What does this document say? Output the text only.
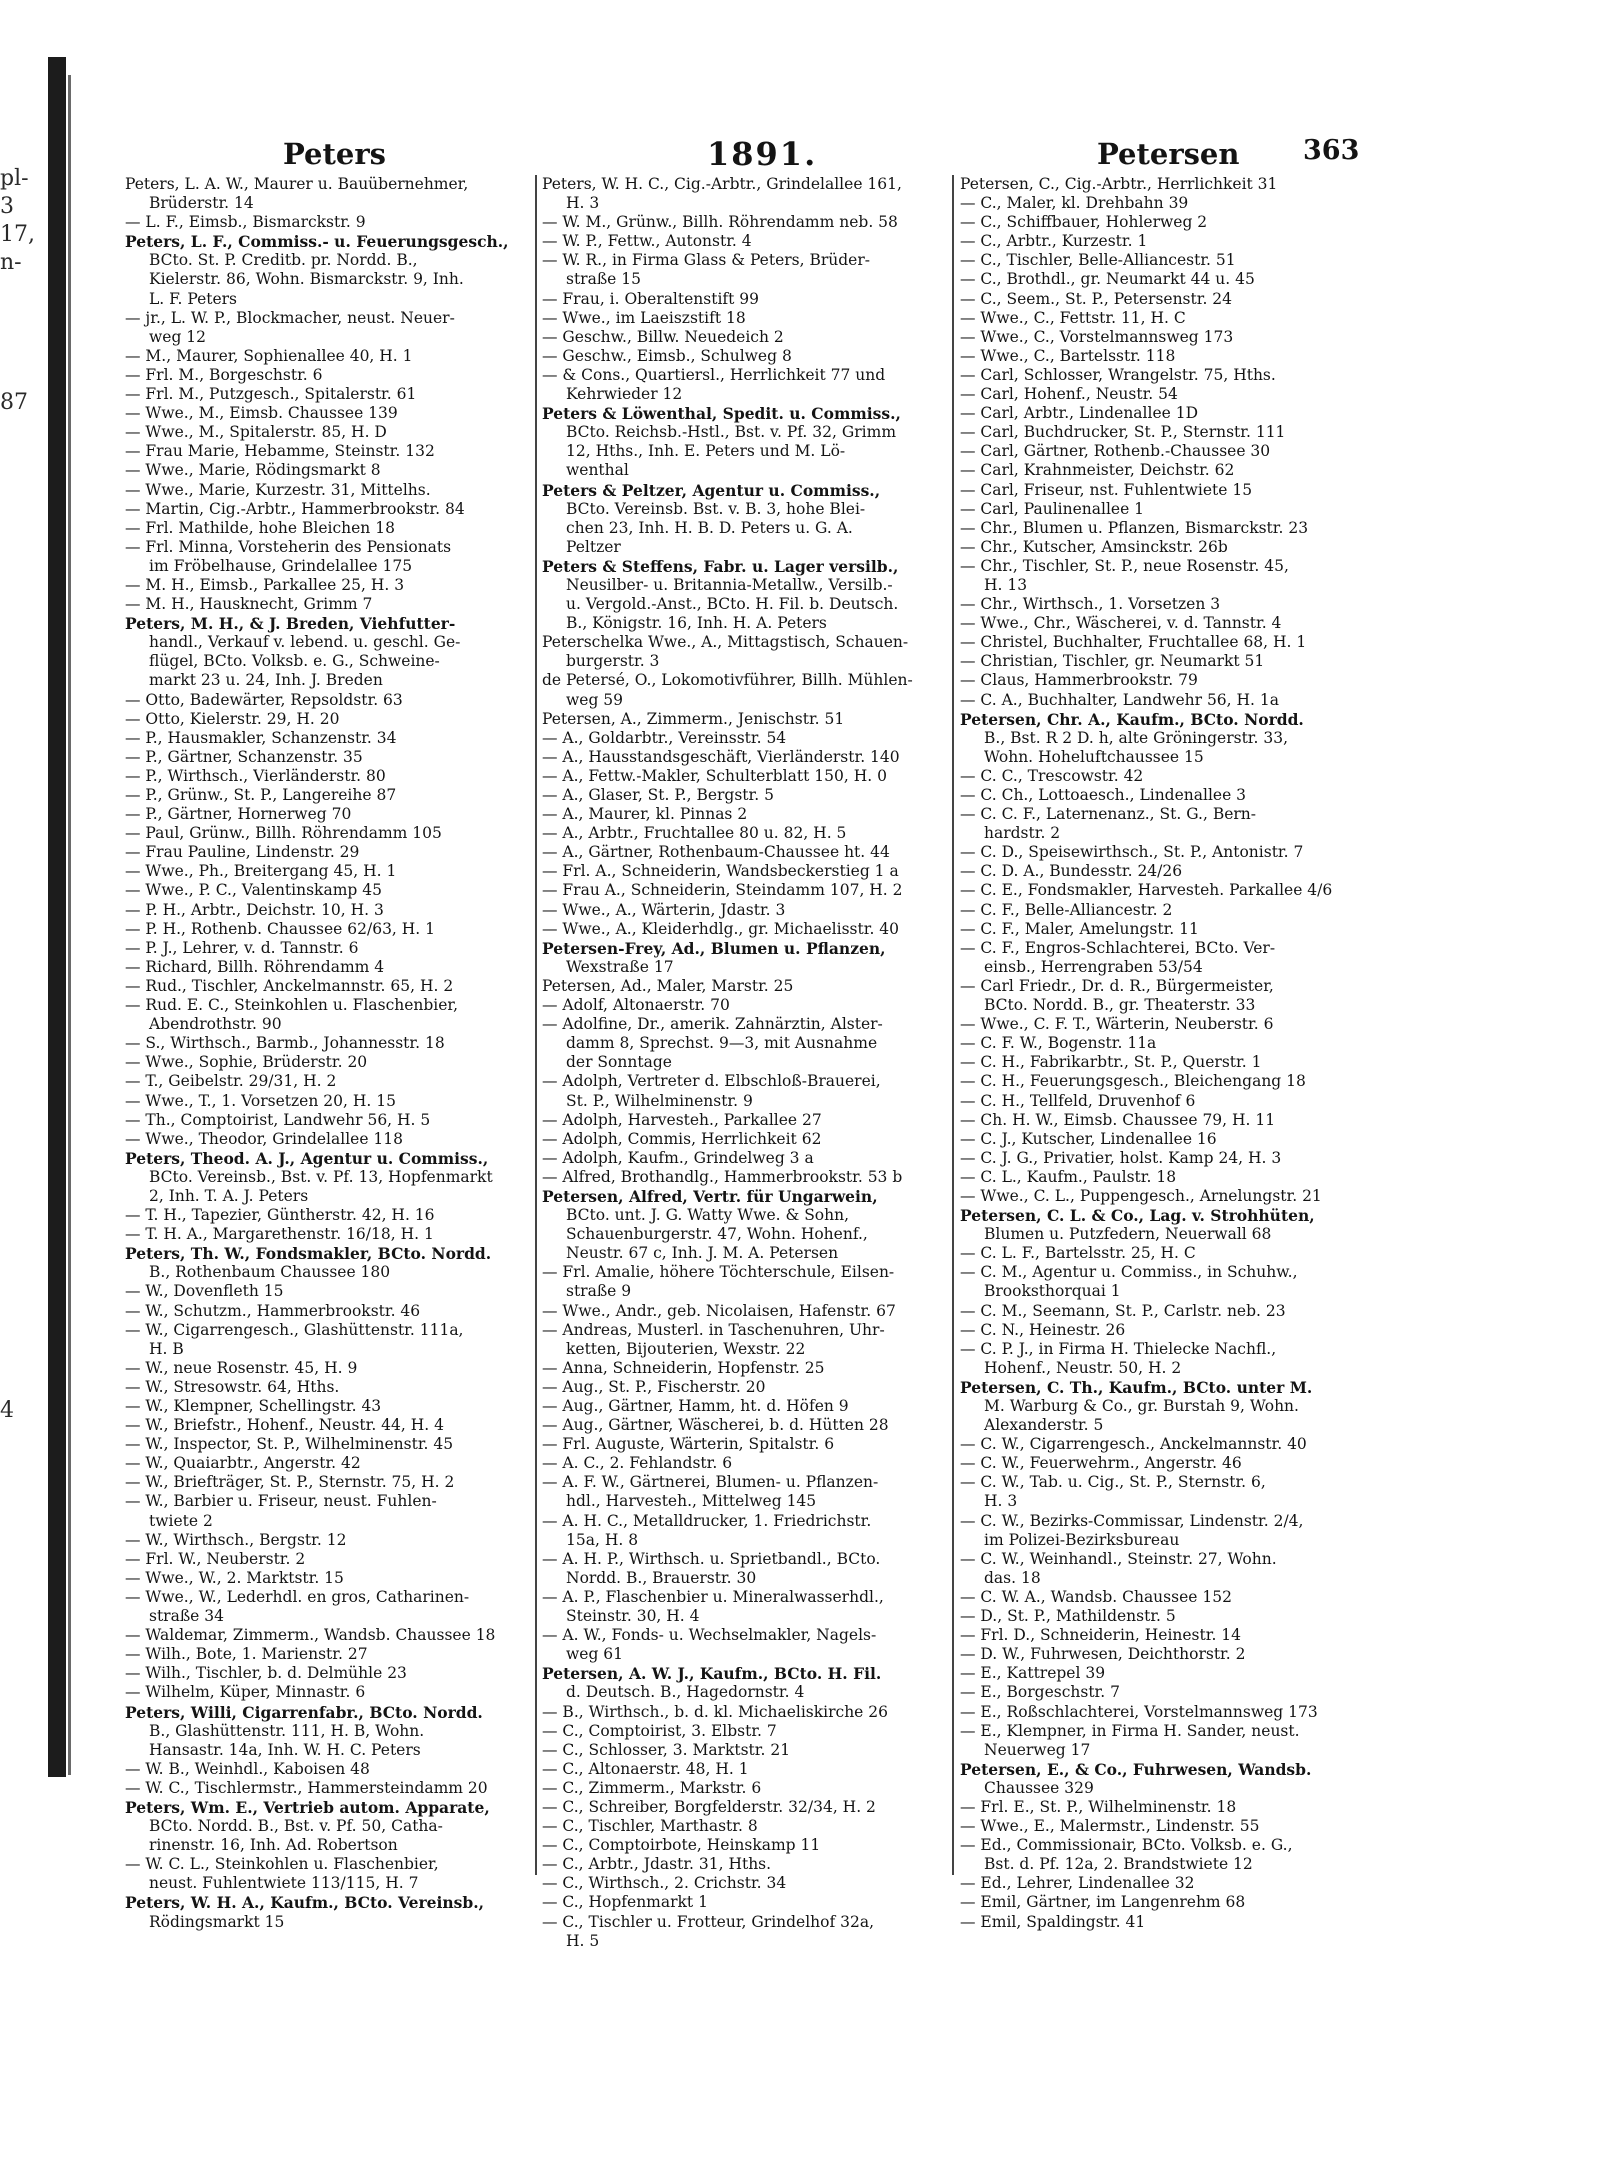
pl-
3
17,
n-
87
4
Peters	1891.	Petersen 363
Peters, L. A. W., Maurer u. Bauübernehmer,
Brüderstr. 14
— L. F., Eimsb., Bismarckstr. 9
Peters, L. F., Commiss.- u. Feuerungsgesch.,
BCto. St. P. Creditb. pr. Nordd. B.,
Kielerstr. 86, Wohn. Bismarckstr. 9, Inh.
L. F. Peters
— jr., L. W. P., Blockmacher, neust. Neuer-
weg 12
— M., Maurer, Sophienallee 40, H. 1
— Frl. M., Borgeschstr. 6
— Frl. M., Putzgesch., Spitalerstr. 61
— Wwe., M., Eimsb. Chaussee 139
— Wwe., M., Spitalerstr. 85, H. D
— Frau Marie, Hebamme, Steinstr. 132
— Wwe., Marie, Rödingsmarkt 8
— Wwe., Marie, Kurzestr. 31, Mittelhs.
— Martin, Cig.-Arbtr., Hammerbrookstr. 84
— Frl. Mathilde, hohe Bleichen 18
— Frl. Minna, Vorsteherin des Pensionats
im Fröbelhause, Grindelallee 175
— M. H., Eimsb., Parkallee 25, H. 3
— M. H., Hausknecht, Grimm 7
Peters, M. H., & J. Breden, Viehfutter-
handl., Verkauf v. lebend. u. geschl. Ge-
flügel, BCto. Volksb. e. G., Schweine-
markt 23 u. 24, Inh. J. Breden
— Otto, Badewärter, Repsoldstr. 63
— Otto, Kielerstr. 29, H. 20
— P., Hausmakler, Schanzenstr. 34
— P., Gärtner, Schanzenstr. 35
— P., Wirthsch., Vierländerstr. 80
— P., Grünw., St. P., Langereihe 87
— P., Gärtner, Hornerweg 70
— Paul, Grünw., Billh. Röhrendamm 105
— Frau Pauline, Lindenstr. 29
— Wwe., Ph., Breitergang 45, H. 1
— Wwe., P. C., Valentinskamp 45
— P. H., Arbtr., Deichstr. 10, H. 3
— P. H., Rothenb. Chaussee 62/63, H. 1
— P. J., Lehrer, v. d. Tannstr. 6
— Richard, Billh. Röhrendamm 4
— Rud., Tischler, Anckelmannstr. 65, H. 2
— Rud. E. C., Steinkohlen u. Flaschenbier,
Abendrothstr. 90
— S., Wirthsch., Barmb., Johannesstr. 18
— Wwe., Sophie, Brüderstr. 20
— T., Geibelstr. 29/31, H. 2
— Wwe., T., 1. Vorsetzen 20, H. 15
— Th., Comptoirist, Landwehr 56, H. 5
— Wwe., Theodor, Grindelallee 118
Peters, Theod. A. J., Agentur u. Commiss.,
BCto. Vereinsb., Bst. v. Pf. 13, Hopfenmarkt
2, Inh. T. A. J. Peters
— T. H., Tapezier, Güntherstr. 42, H. 16
— T. H. A., Margarethenstr. 16/18, H. 1
Peters, Th. W., Fondsmakler, BCto. Nordd.
B., Rothenbaum Chaussee 180
— W., Dovenfleth 15
— W., Schutzm., Hammerbrookstr. 46
— W., Cigarrengesch., Glashüttenstr. 111a,
H. B
— W., neue Rosenstr. 45, H. 9
— W., Stresowstr. 64, Hths.
— W., Klempner, Schellingstr. 43
— W., Briefstr., Hohenf., Neustr. 44, H. 4
— W., Inspector, St. P., Wilhelminenstr. 45
— W., Quaiarbtr., Angerstr. 42
— W., Briefträger, St. P., Sternstr. 75, H. 2
— W., Barbier u. Friseur, neust. Fuhlen-
twiete 2
— W., Wirthsch., Bergstr. 12
— Frl. W., Neuberstr. 2
— Wwe., W., 2. Marktstr. 15
— Wwe., W., Lederhdl. en gros, Catharinen-
straße 34
— Waldemar, Zimmerm., Wandsb. Chaussee 18
— Wilh., Bote, 1. Marienstr. 27
— Wilh., Tischler, b. d. Delmühle 23
— Wilhelm, Küper, Minnastr. 6
Peters, Willi, Cigarrenfabr., BCto. Nordd.
B., Glashüttenstr. 111, H. B, Wohn.
Hansastr. 14a, Inh. W. H. C. Peters
— W. B., Weinhdl., Kaboisen 48
— W. C., Tischlermstr., Hammersteindamm 20
Peters, Wm. E., Vertrieb autom. Apparate,
BCto. Nordd. B., Bst. v. Pf. 50, Catha-
rinenstr. 16, Inh. Ad. Robertson
— W. C. L., Steinkohlen u. Flaschenbier,
neust. Fuhlentwiete 113/115, H. 7
Peters, W. H. A., Kaufm., BCto. Vereinsb.,
Rödingsmarkt 15
Peters, W. H. C., Cig.-Arbtr., Grindelallee 161,
H. 3
— W. M., Grünw., Billh. Röhrendamm neb. 58
— W. P., Fettw., Autonstr. 4
— W. R., in Firma Glass & Peters, Brüder-
straße 15
— Frau, i. Oberaltenstift 99
— Wwe., im Laeiszstift 18
— Geschw., Billw. Neuedeich 2
— Geschw., Eimsb., Schulweg 8
— & Cons., Quartiersl., Herrlichkeit 77 und
Kehrwieder 12
Peters & Löwenthal, Spedit. u. Commiss.,
BCto. Reichsb.-Hstl., Bst. v. Pf. 32, Grimm
12, Hths., Inh. E. Peters und M. Lö-
wenthal
Peters & Peltzer, Agentur u. Commiss.,
BCto. Vereinsb. Bst. v. B. 3, hohe Blei-
chen 23, Inh. H. B. D. Peters u. G. A.
Peltzer
Peters & Steffens, Fabr. u. Lager versilb.,
Neusilber- u. Britannia-Metallw., Versilb.-
u. Vergold.-Anst., BCto. H. Fil. b. Deutsch.
B., Königstr. 16, Inh. H. A. Peters
Peterschelka Wwe., A., Mittagstisch, Schauen-
burgerstr. 3
de Petersé, O., Lokomotivführer, Billh. Mühlen-
weg 59
Petersen, A., Zimmerm., Jenischstr. 51
— A., Goldarbtr., Vereinsstr. 54
— A., Hausstandsgeschäft, Vierländerstr. 140
— A., Fettw.-Makler, Schulterblatt 150, H. 0
— A., Glaser, St. P., Bergstr. 5
— A., Maurer, kl. Pinnas 2
— A., Arbtr., Fruchtallee 80 u. 82, H. 5
— A., Gärtner, Rothenbaum-Chaussee ht. 44
— Frl. A., Schneiderin, Wandsbeckerstieg 1 a
— Frau A., Schneiderin, Steindamm 107, H. 2
— Wwe., A., Wärterin, Jdastr. 3
— Wwe., A., Kleiderhdlg., gr. Michaelisstr. 40
Petersen-Frey, Ad., Blumen u. Pflanzen,
Wexstraße 17
Petersen, Ad., Maler, Marstr. 25
— Adolf, Altonaerstr. 70
— Adolfine, Dr., amerik. Zahnärztin, Alster-
damm 8, Sprechst. 9—3, mit Ausnahme
der Sonntage
— Adolph, Vertreter d. Elbschloß-Brauerei,
St. P., Wilhelminenstr. 9
— Adolph, Harvesteh., Parkallee 27
— Adolph, Commis, Herrlichkeit 62
— Adolph, Kaufm., Grindelweg 3 a
— Alfred, Brothandlg., Hammerbrookstr. 53 b
Petersen, Alfred, Vertr. für Ungarwein,
BCto. unt. J. G. Watty Wwe. & Sohn,
Schauenburgerstr. 47, Wohn. Hohenf.,
Neustr. 67 c, Inh. J. M. A. Petersen
— Frl. Amalie, höhere Töchterschule, Eilsen-
straße 9
— Wwe., Andr., geb. Nicolaisen, Hafenstr. 67
— Andreas, Musterl. in Taschenuhren, Uhr-
ketten, Bijouterien, Wexstr. 22
— Anna, Schneiderin, Hopfenstr. 25
— Aug., St. P., Fischerstr. 20
— Aug., Gärtner, Hamm, ht. d. Höfen 9
— Aug., Gärtner, Wäscherei, b. d. Hütten 28
— Frl. Auguste, Wärterin, Spitalstr. 6
— A. C., 2. Fehlandstr. 6
— A. F. W., Gärtnerei, Blumen- u. Pflanzen-
hdl., Harvesteh., Mittelweg 145
— A. H. C., Metalldrucker, 1. Friedrichstr.
15a, H. 8
— A. H. P., Wirthsch. u. Sprietbandl., BCto.
Nordd. B., Brauerstr. 30
— A. P., Flaschenbier u. Mineralwasserhdl.,
Steinstr. 30, H. 4
— A. W., Fonds- u. Wechselmakler, Nagels-
weg 61
Petersen, A. W. J., Kaufm., BCto. H. Fil.
d. Deutsch. B., Hagedornstr. 4
— B., Wirthsch., b. d. kl. Michaeliskirche 26
— C., Comptoirist, 3. Elbstr. 7
— C., Schlosser, 3. Marktstr. 21
— C., Altonaerstr. 48, H. 1
— C., Zimmerm., Markstr. 6
— C., Schreiber, Borgfelderstr. 32/34, H. 2
— C., Tischler, Marthastr. 8
— C., Comptoirbote, Heinskamp 11
— C., Arbtr., Jdastr. 31, Hths.
— C., Wirthsch., 2. Crichstr. 34
— C., Hopfenmarkt 1
— C., Tischler u. Frotteur, Grindelhof 32a,
H. 5
Petersen, C., Cig.-Arbtr., Herrlichkeit 31
— C., Maler, kl. Drehbahn 39
— C., Schiffbauer, Hohlerweg 2
— C., Arbtr., Kurzestr. 1
— C., Tischler, Belle-Alliancestr. 51
— C., Brothdl., gr. Neumarkt 44 u. 45
— C., Seem., St. P., Petersenstr. 24
— Wwe., C., Fettstr. 11, H. C
— Wwe., C., Vorstelmannsweg 173
— Wwe., C., Bartelsstr. 118
— Carl, Schlosser, Wrangelstr. 75, Hths.
— Carl, Hohenf., Neustr. 54
— Carl, Arbtr., Lindenallee 1D
— Carl, Buchdrucker, St. P., Sternstr. 111
— Carl, Gärtner, Rothenb.-Chaussee 30
— Carl, Krahnmeister, Deichstr. 62
— Carl, Friseur, nst. Fuhlentwiete 15
— Carl, Paulinenallee 1
— Chr., Blumen u. Pflanzen, Bismarckstr. 23
— Chr., Kutscher, Amsinckstr. 26b
— Chr., Tischler, St. P., neue Rosenstr. 45,
H. 13
— Chr., Wirthsch., 1. Vorsetzen 3
— Wwe., Chr., Wäscherei, v. d. Tannstr. 4
— Christel, Buchhalter, Fruchtallee 68, H. 1
— Christian, Tischler, gr. Neumarkt 51
— Claus, Hammerbrookstr. 79
— C. A., Buchhalter, Landwehr 56, H. 1a
Petersen, Chr. A., Kaufm., BCto. Nordd.
B., Bst. R 2 D. h, alte Gröningerstr. 33,
Wohn. Hoheluftchaussee 15
— C. C., Trescowstr. 42
— C. Ch., Lottoaesch., Lindenallee 3
— C. C. F., Laternenanz., St. G., Bern-
hardstr. 2
— C. D., Speisewirthsch., St. P., Antonistr. 7
— C. D. A., Bundesstr. 24/26
— C. E., Fondsmakler, Harvesteh. Parkallee 4/6
— C. F., Belle-Alliancestr. 2
— C. F., Maler, Amelungstr. 11
— C. F., Engros-Schlachterei, BCto. Ver-
einsb., Herrengraben 53/54
— Carl Friedr., Dr. d. R., Bürgermeister,
BCto. Nordd. B., gr. Theaterstr. 33
— Wwe., C. F. T., Wärterin, Neuberstr. 6
— C. F. W., Bogenstr. 11a
— C. H., Fabrikarbtr., St. P., Querstr. 1
— C. H., Feuerungsgesch., Bleichengang 18
— C. H., Tellfeld, Druvenhof 6
— Ch. H. W., Eimsb. Chaussee 79, H. 11
— C. J., Kutscher, Lindenallee 16
— C. J. G., Privatier, holst. Kamp 24, H. 3
— C. L., Kaufm., Paulstr. 18
— Wwe., C. L., Puppengesch., Arnelungstr. 21
Petersen, C. L. & Co., Lag. v. Strohhüten,
Blumen u. Putzfedern, Neuerwall 68
— C. L. F., Bartelsstr. 25, H. C
— C. M., Agentur u. Commiss., in Schuhw.,
Brooksthorquai 1
— C. M., Seemann, St. P., Carlstr. neb. 23
— C. N., Heinestr. 26
— C. P. J., in Firma H. Thielecke Nachfl.,
Hohenf., Neustr. 50, H. 2
Petersen, C. Th., Kaufm., BCto. unter M.
M. Warburg & Co., gr. Burstah 9, Wohn.
Alexanderstr. 5
— C. W., Cigarrengesch., Anckelmannstr. 40
— C. W., Feuerwehrm., Angerstr. 46
— C. W., Tab. u. Cig., St. P., Sternstr. 6,
H. 3
— C. W., Bezirks-Commissar, Lindenstr. 2/4,
im Polizei-Bezirksbureau
— C. W., Weinhandl., Steinstr. 27, Wohn.
das. 18
— C. W. A., Wandsb. Chaussee 152
— D., St. P., Mathildenstr. 5
— Frl. D., Schneiderin, Heinestr. 14
— D. W., Fuhrwesen, Deichthorstr. 2
— E., Kattrepel 39
— E., Borgeschstr. 7
— E., Roßschlachterei, Vorstelmannsweg 173
— E., Klempner, in Firma H. Sander, neust.
Neuerweg 17
Petersen, E., & Co., Fuhrwesen, Wandsb.
Chaussee 329
— Frl. E., St. P., Wilhelminenstr. 18
— Wwe., E., Malermstr., Lindenstr. 55
— Ed., Commissionair, BCto. Volksb. e. G.,
Bst. d. Pf. 12a, 2. Brandstwiete 12
— Ed., Lehrer, Lindenallee 32
— Emil, Gärtner, im Langenrehm 68
— Emil, Spaldingstr. 41
